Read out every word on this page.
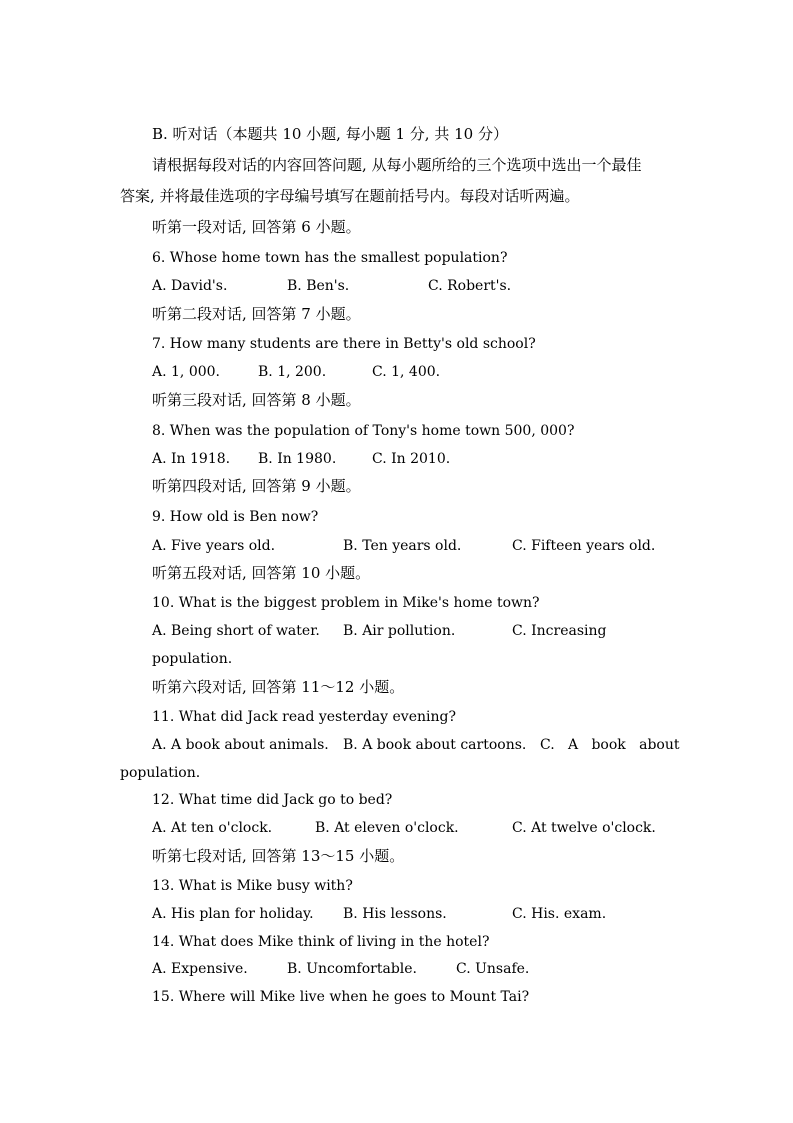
B. 听对话（本题共 10 小题, 每小题 1 分, 共 10 分）
请根据每段对话的内容回答问题, 从每小题所给的三个选项中选出一个最佳
答案, 并将最佳选项的字母编号填写在题前括号内。每段对话听两遍。
听第一段对话, 回答第 6 小题。
6. Whose home town has the smallest population?
A. David's.	B. Ben's.	C. Robert's.
听第二段对话, 回答第 7 小题。
7. How many students are there in Betty's old school?
A. 1, 000.	B. 1, 200.	C. 1, 400.
听第三段对话, 回答第 8 小题。
8. When was the population of Tony's home town 500, 000?
A. In 1918. B. In 1980.	C. In 2010.
听第四段对话, 回答第 9 小题。
9. How old is Ben now?
A. Five years old.	B. Ten years old.	C. Fifteen years old.
听第五段对话, 回答第 10 小题。
10. What is the biggest problem in Mike's home town?
A. Being short of water. B. Air pollution.	C. Increasing
population.
听第六段对话, 回答第 11～12 小题。
11. What did Jack read yesterday evening?
A. A book about animals. B. A book about cartoons. C.   A   book   about
population.
12. What time did Jack go to bed?
A. At ten o'clock.	B. At eleven o'clock.	C. At twelve o'clock.
听第七段对话, 回答第 13～15 小题。
13. What is Mike busy with?
A. His plan for holiday. B. His lessons.	C. His. exam.
14. What does Mike think of living in the hotel?
A. Expensive.	B. Uncomfortable.	C. Unsafe.
15. Where will Mike live when he goes to Mount Tai?
